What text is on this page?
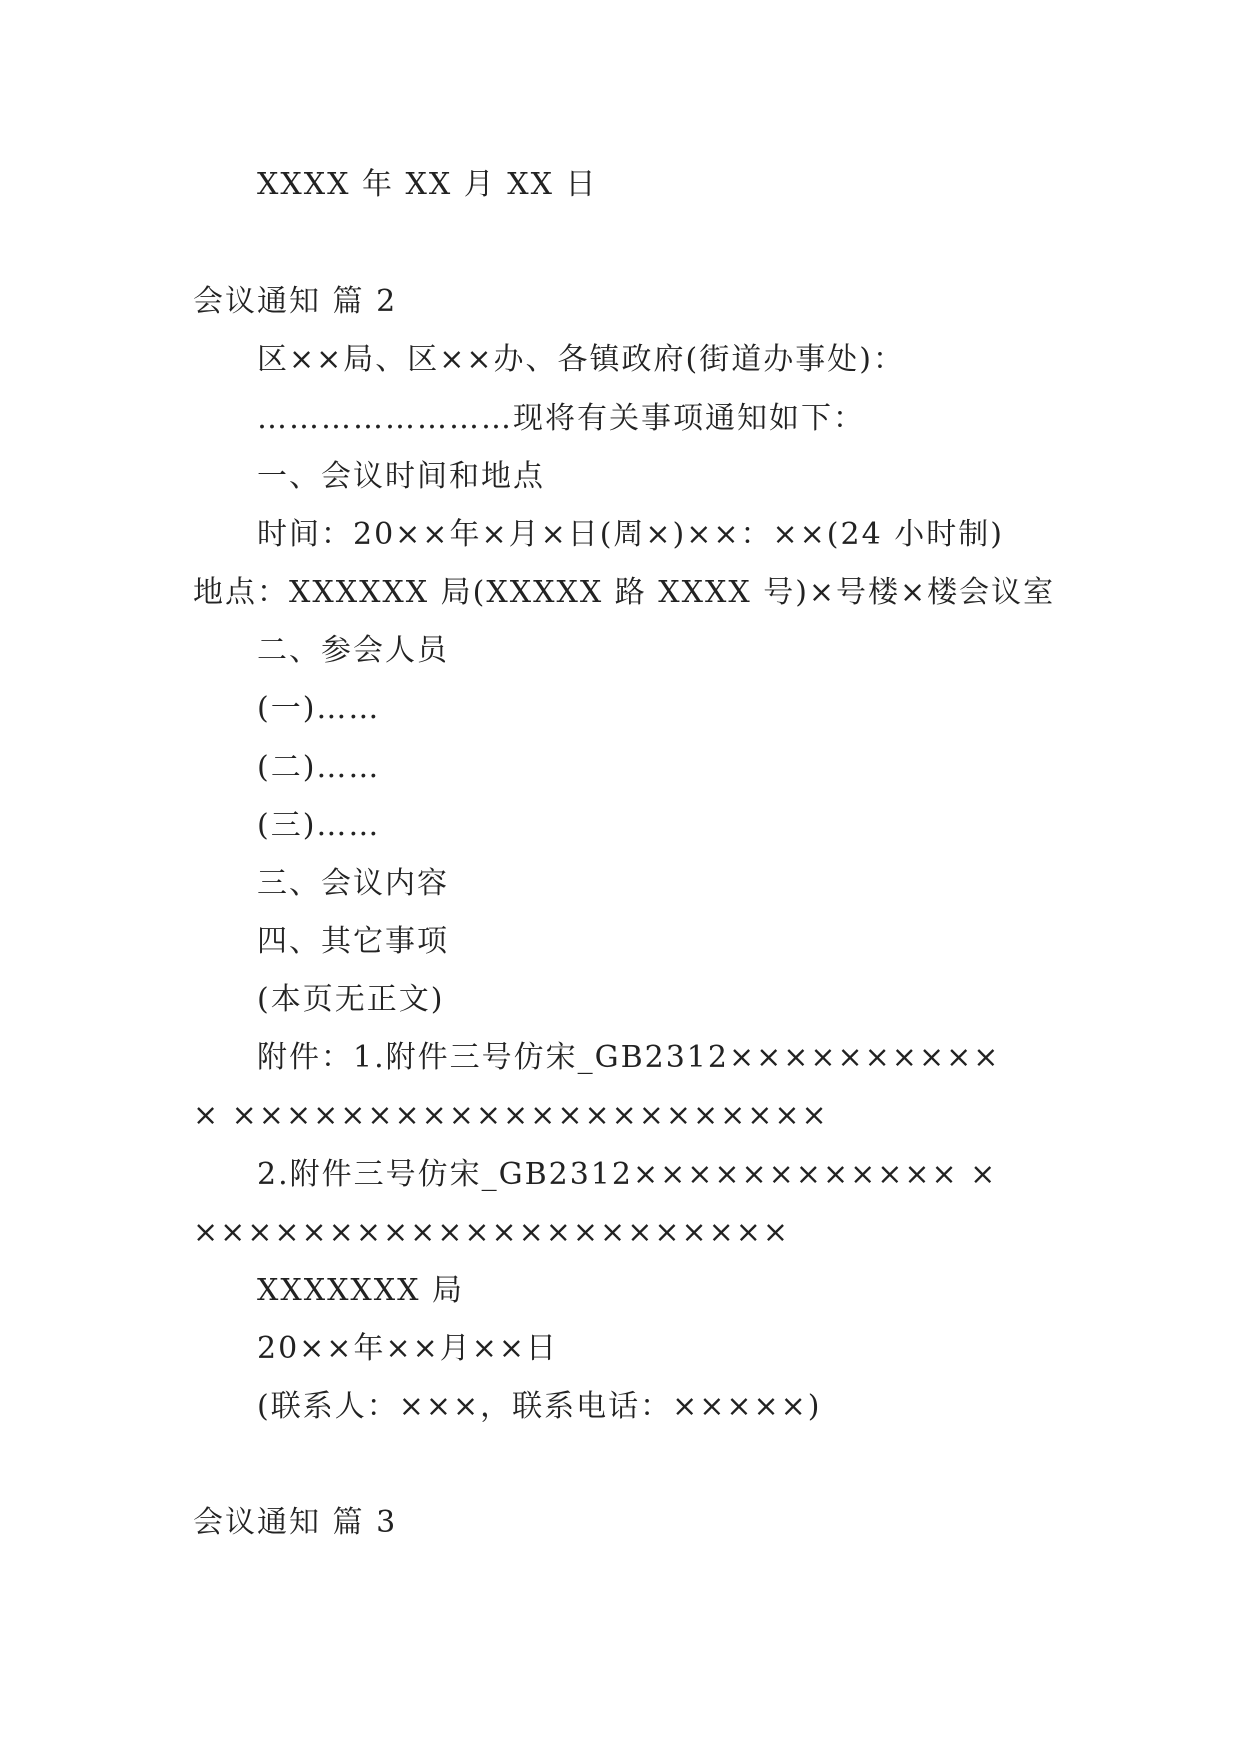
XXXX 年 XX 月 XX 日
会议通知 篇 2
区××局、区××办、各镇政府(街道办事处)：
……………………现将有关事项通知如下：
一、会议时间和地点
时间：20××年×月×日(周×)××：××(24 小时制)
地点：XXXXXX 局(XXXXX 路 XXXX 号)×号楼×楼会议室
二、参会人员
(一)……
(二)……
(三)……
三、会议内容
四、其它事项
(本页无正文)
附件：1.附件三号仿宋_GB2312××××××××××
× ××××××××××××××××××××××
2.附件三号仿宋_GB2312×××××××××××× ×
××××××××××××××××××××××
XXXXXXX 局
20××年××月××日
(联系人：×××，联系电话：×××××)
会议通知 篇 3
